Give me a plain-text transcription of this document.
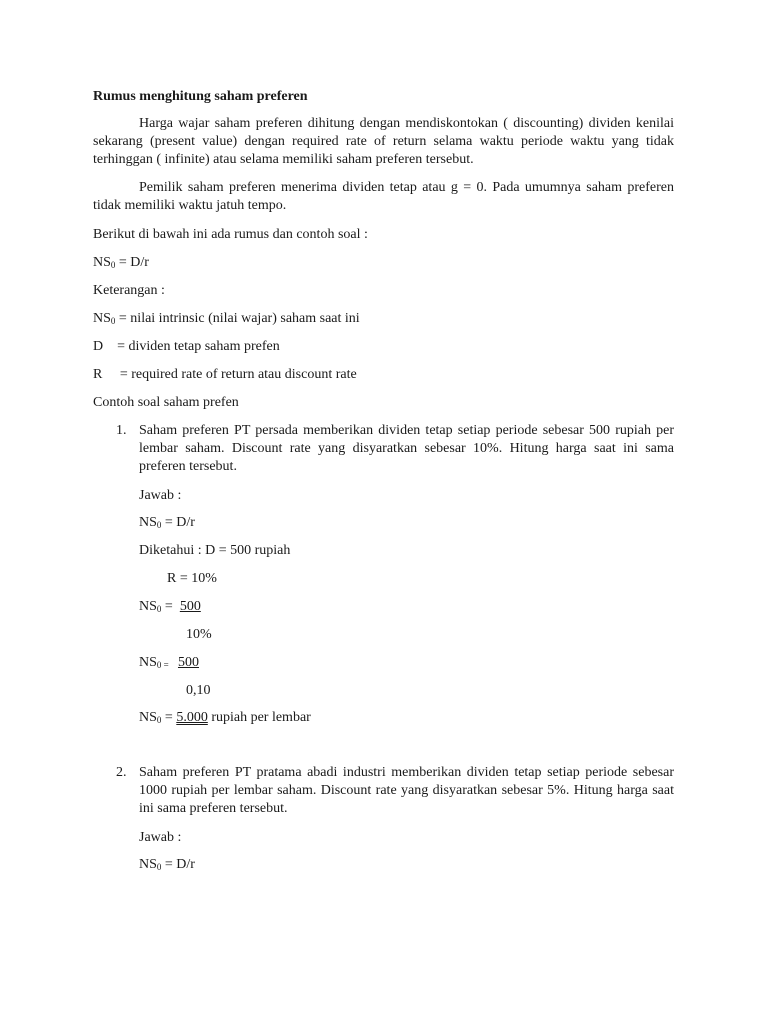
Rumus menghitung saham preferen
Harga wajar saham preferen dihitung dengan mendiskontokan ( discounting) dividen kenilai sekarang (present value) dengan required rate of return selama waktu periode waktu yang tidak terhinggan ( infinite) atau selama memiliki saham preferen tersebut.
Pemilik saham preferen menerima dividen tetap atau g = 0. Pada umumnya saham preferen tidak memiliki waktu jatuh tempo.
Berikut di bawah ini ada rumus dan contoh soal :
$NS_0 = D/r$
Keterangan :
$NS_0$ = nilai intrinsic (nilai wajar) saham saat ini
D    = dividen tetap saham prefen
R     = required rate of return atau discount rate
Contoh soal saham prefen
1. Saham preferen PT persada memberikan dividen tetap setiap periode sebesar 500 rupiah per lembar saham. Discount rate yang disyaratkan sebesar 10%. Hitung harga saat ini sama preferen tersebut.
Jawab :
$NS_0 = D/r$
Diketahui : D = 500 rupiah
R = 10%
$NS_0 = 500$
10%
$NS_{0 =}$   500
0,10
$NS_0 = 5.000$ rupiah per lembar
2. Saham preferen PT pratama abadi industri memberikan dividen tetap setiap periode sebesar 1000 rupiah per lembar saham. Discount rate yang disyaratkan sebesar 5%. Hitung harga saat ini sama preferen tersebut.
Jawab :
$NS_0 = D/r$
